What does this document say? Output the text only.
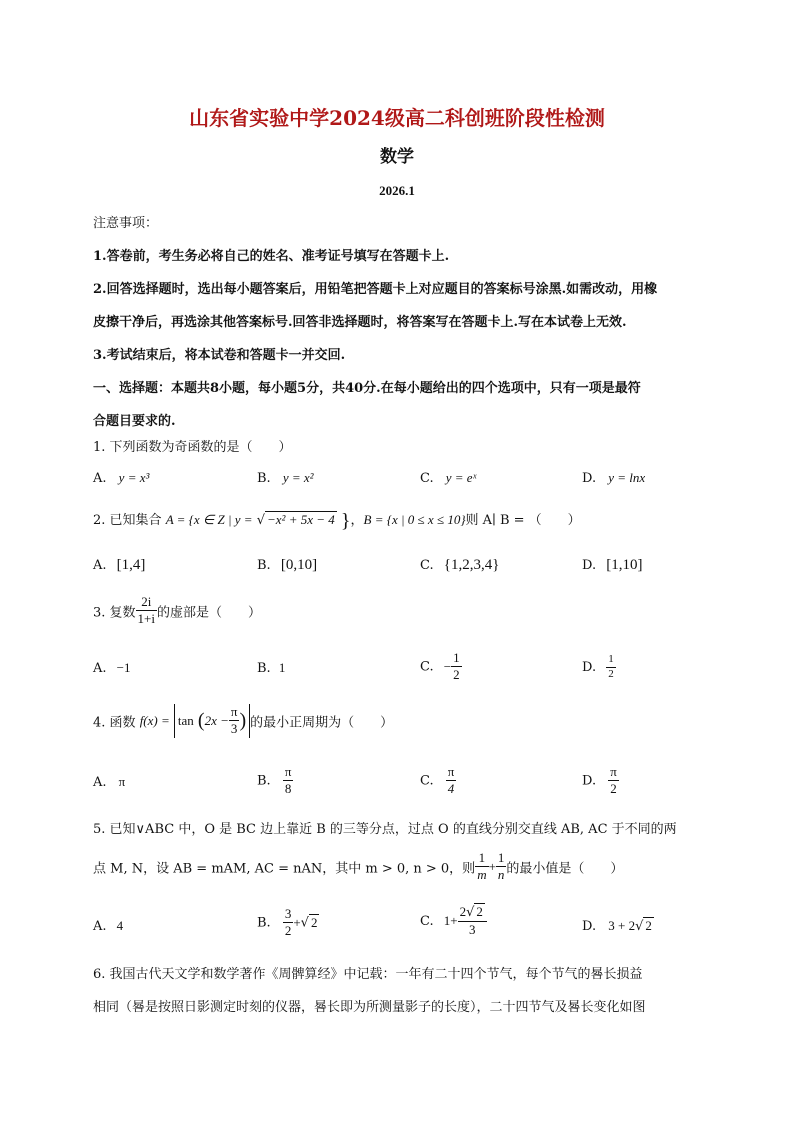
山东省实验中学2024级高二科创班阶段性检测
数学
2026.1
注意事项：
1.答卷前，考生务必将自己的姓名、准考证号填写在答题卡上.
2.回答选择题时，选出每小题答案后，用铅笔把答题卡上对应题目的答案标号涂黑.如需改动，用橡
皮擦干净后，再选涂其他答案标号.回答非选择题时，将答案写在答题卡上.写在本试卷上无效.
3.考试结束后，将本试卷和答题卡一并交回.
一、选择题：本题共8小题，每小题5分，共40分.在每小题给出的四个选项中，只有一项是最符
合题目要求的.
1. 下列函数为奇函数的是（　　）
A. y = x³	B. y = x²	C. y = eˣ	D. y = lnx
2. 已知集合 A = {x ∈ Z | y = √ −x² + 5x − 4 }，B = {x | 0 ≤ x ≤ 10}则 A∣ B = （　　）
A. [1,4]	B. [0,10]	C. {1,2,3,4}	D. [1,10]
3. 复数 $\frac{2i}{1+i}$ 的虚部是（　　）
A. −1	B. 1	C. − $\frac{1}{2}$	D. $\frac{1}{2}$
4. 函数 $f(x) = \tan (2x - \frac{\pi}{3}$ ) 的最小正周期为（　　）
A. π	B. $\frac{\pi}{8}$	C. $\frac{\pi}{4}$	D. $\frac{\pi}{2}$
5. 已知∨ABC 中，O 是 BC 边上靠近 B 的三等分点，过点 O 的直线分别交直线 AB, AC 于不同的两
点 M, N，设 AB = mAM, AC = nAN，其中 m > 0, n > 0，则 $\frac{1}{m} + \frac{1}{n}$ 的最小值是（　　）
A. 4	B. $\frac{3}{2}$ +√ 2	C. $1+ \frac{2√ 2}{3}$	D. 3 + 2√ 2
6. 我国古代天文学和数学著作《周髀算经》中记载：一年有二十四个节气，每个节气的晷长损益
相同（晷是按照日影测定时刻的仪器，晷长即为所测量影子的长度），二十四节气及晷长变化如图
